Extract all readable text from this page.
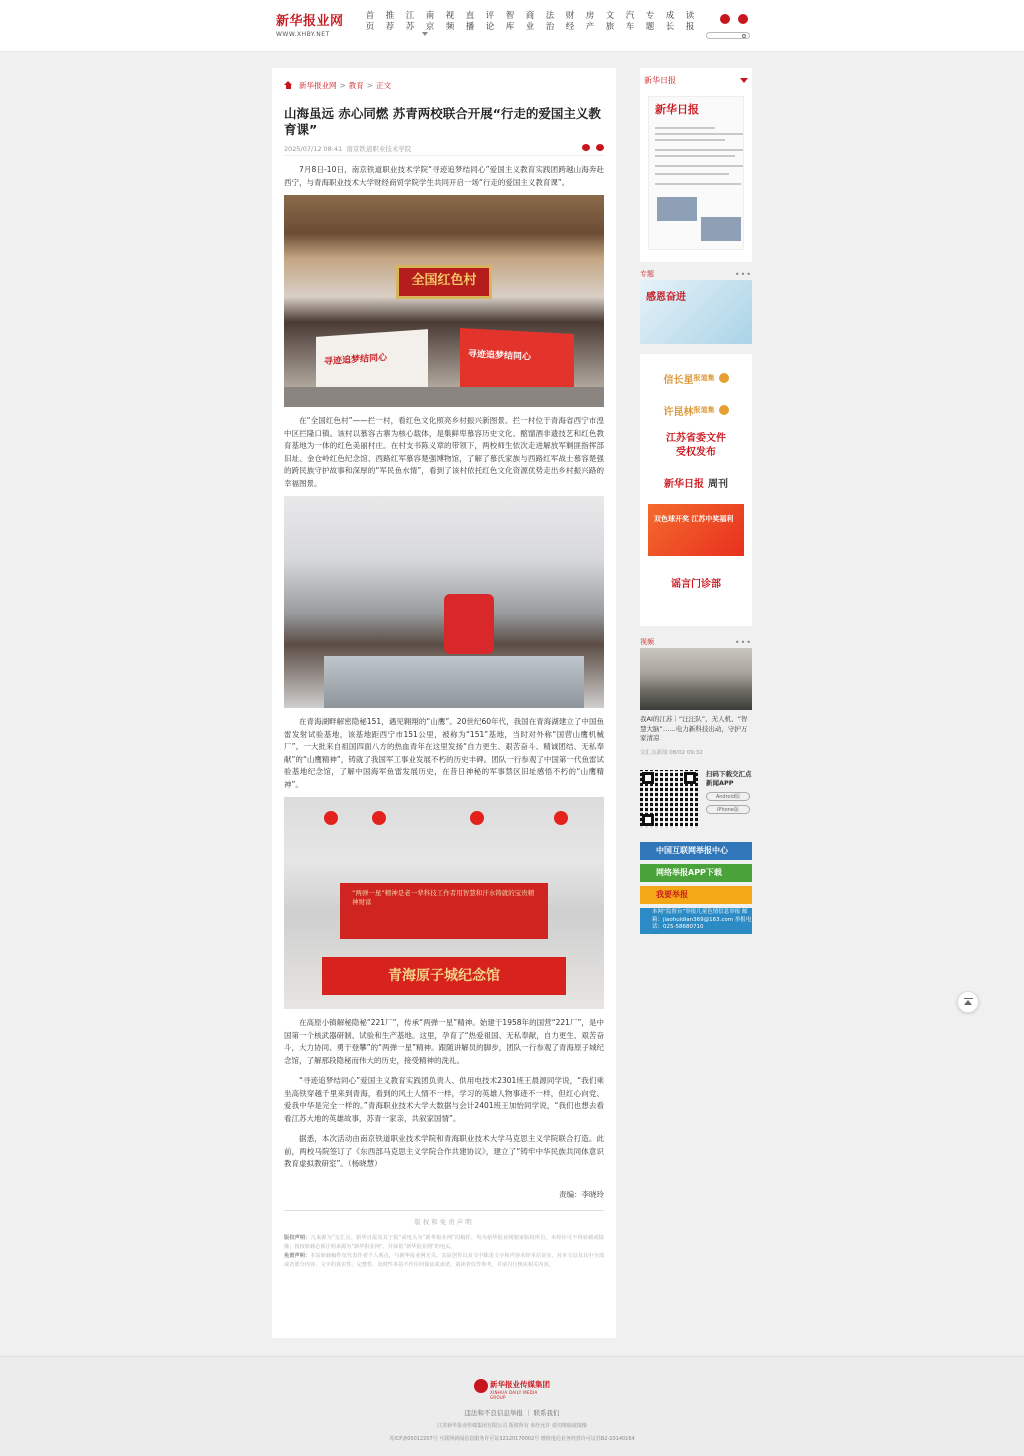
新华报业网
WWW.XHBY.NET
首页
推荐
江苏
南京
视频
直播
评论
智库
商业
法治
财经
房产
文旅
汽车
专题
成长
读报
新华报业网 > 教育 > 正文
山海虽远 赤心同燃 苏青两校联合开展“行走的爱国主义教育课”
2025/07/12 08:41 南京铁道职业技术学院

7月8日-10日，南京铁道职业技术学院“寻迹追梦结同心”爱国主义教育实践团跨越山海奔赴西宁，与青海职业技术大学财经商贸学院学生共同开启一场“行走的爱国主义教育课”。

全国红色村
寻迹追梦结同心	寻迹追梦结同心

在“全国红色村”——拦一村，看红色文化照亮乡村振兴新图景。拦一村位于青海省西宁市湟中区拦隆口镇。该村以慕容古寨为核心载体，是集鲜卑慕容历史文化、酩馏酒非遗技艺和红色教育基地为一体的红色美丽村庄。在村支书陈义章的带领下，两校师生依次走进解放军剿匪指挥部旧址、金仓岭红色纪念馆、西路红军慕容楚强博物馆，了解了慕氏家族与西路红军战士慕容楚强的跨民族守护故事和深厚的“军民鱼水情”，看到了该村依托红色文化资源优势走出乡村振兴路的幸福图景。

在青海湖畔解密隐秘151，遇见翱翔的“山鹰”。20世纪60年代，我国在青海湖建立了中国鱼雷发射试验基地，该基地距西宁市151公里，被称为“151”基地，当时对外称“国营山鹰机械厂”。一大批来自祖国四面八方的热血青年在这里发扬“自力更生、艰苦奋斗、精诚团结、无私奉献”的“山鹰精神”，铸就了我国军工事业发展不朽的历史丰碑。团队一行参观了中国第一代鱼雷试验基地纪念馆，了解中国海军鱼雷发展历史，在昔日神秘的军事禁区旧址感悟不朽的“山鹰精神”。

“两弹一星”精神是老一辈科技工作者用智慧和汗水铸就的宝贵精神财富
青海原子城纪念馆

在高原小镇解秘隐秘“221厂”，传承“两弹一星”精神。始建于1958年的国营“221厂”，是中国第一个核武器研制、试验和生产基地。这里，孕育了“热爱祖国、无私奉献，自力更生、艰苦奋斗，大力协同、勇于登攀”的“两弹一星”精神。跟随讲解员的脚步，团队一行参观了青海原子城纪念馆，了解那段隐秘而伟大的历史，接受精神的洗礼。

“寻迹追梦结同心”爱国主义教育实践团负责人、供用电技术2301班王晨源同学说，“我们乘坐高铁穿越千里来到青海，看到的风土人情不一样，学习的英雄人物事迹不一样，但红心向党、爱我中华是完全一样的。”青海职业技术大学大数据与会计2401班王加怡同学说，“我们也想去看看江苏大地的英雄故事，苏青一家亲，共叙家国情”。

据悉，本次活动由南京铁道职业技术学院和青海职业技术大学马克思主义学院联合打造。此前，两校马院签订了《东西部马克思主义学院合作共建协议》，建立了“铸牢中华民族共同体意识教育虚拟教研室”。（杨晓慧）

责编：李晓玲
版权和免责声明
版权声明：凡来源为“交汇点、新华日报及其子报”或电头为“新华报业网”的稿件，均为新华报业网独家版权所有，未经许可不得转载或镜像；授权转载必须注明来源为“新华报业网”，并保留“新华报业网”的电头。
免责声明：本站转载稿件仅代表作者个人观点，与新华报业网无关。其原创性以及文中陈述文字和内容未经本站证实，对本文以及其中全部或者部分内容、文字的真实性、完整性、及时性本站不作任何保证或承诺，请读者仅作参考，并请自行核实相关内容。
新华日报
新华日报
专题	•••
感恩奋进
信长星 报道集
许昆林 报道集
江苏省委文件
受权发布
新华日报 周刊
双色球开奖 江苏中奖福利
谣言门诊部
视频	•••
我AI的江苏｜“汪汪队”、无人机、“智慧大脑”……电力新科技出动，守护万家清凉
交汇点新闻 08/02 09:32
扫码下载交汇点新闻APP
Android版
iPhone版
中国互联网举报中心
网络举报APP下载
我要举报
本网“监督台”举报儿童色情信息举报 邮箱：jiaohuidian369@163.com 举报电话：025-58680710
新华报业传媒集团
XINHUA DAILY MEDIA GROUP
违法和不良信息举报 ｜ 联系我们
江苏新华报业传媒集团有限公司 版权所有 未经允许 请勿擅取或镜像
苏ICP备05012207号 互联网新闻信息服务许可证32120170002号 增值电信业务经营许可证苏B2-20140164
